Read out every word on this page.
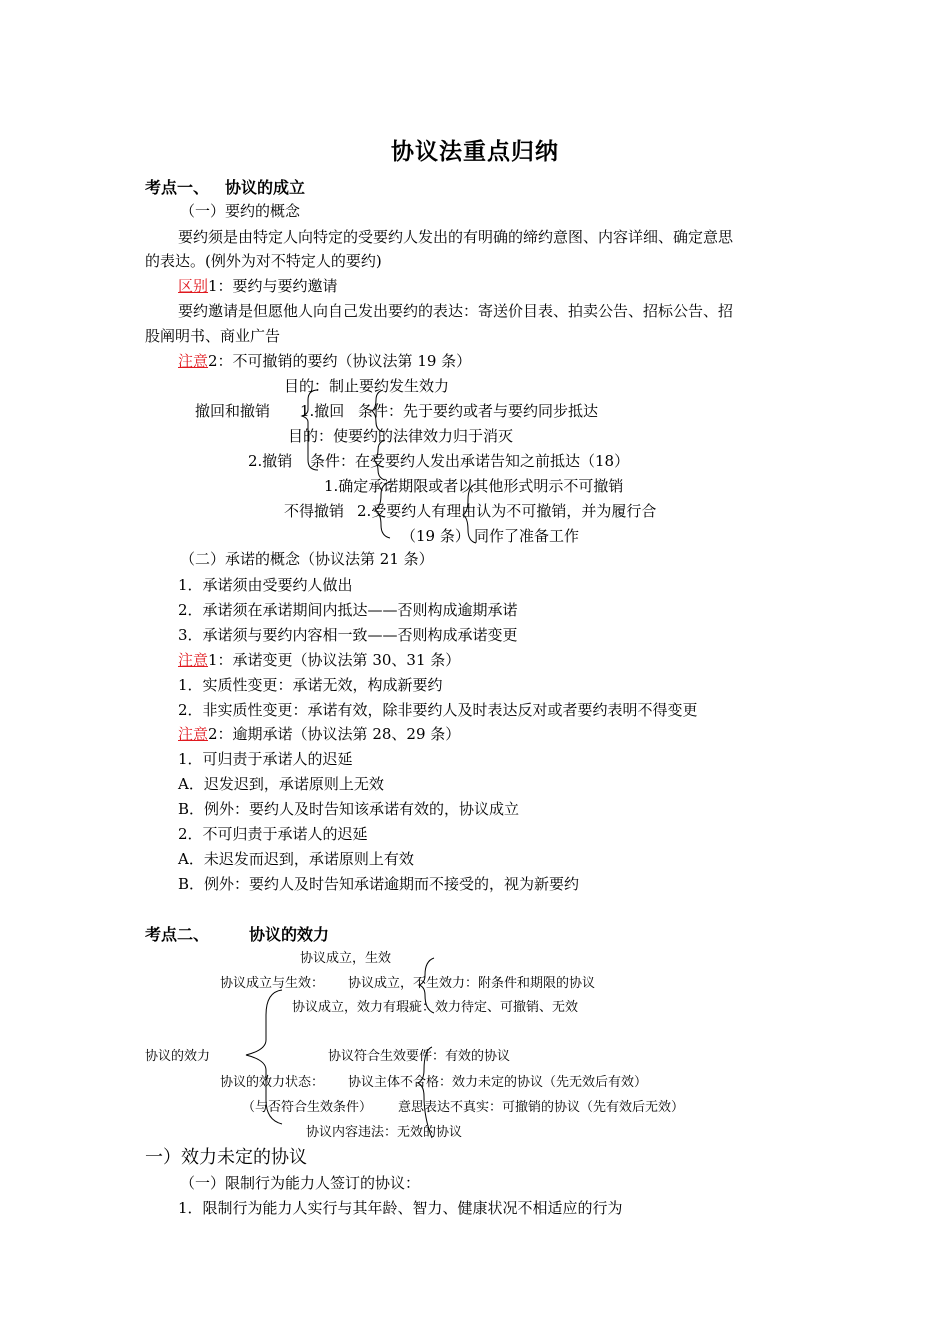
协议法重点归纳
考点一、 协议的成立
（一）要约的概念
要约须是由特定人向特定的受要约人发出的有明确的缔约意图、内容详细、确定意思
的表达。(例外为对不特定人的要约)
区别1：要约与要约邀请
要约邀请是但愿他人向自己发出要约的表达：寄送价目表、拍卖公告、招标公告、招
股阐明书、商业广告
注意2：不可撤销的要约（协议法第 19 条）
目的：制止要约发生效力
撤回和撤销 1.撤回 条件：先于要约或者与要约同步抵达
目的：使要约的法律效力归于消灭
2.撤销 条件：在受要约人发出承诺告知之前抵达（18）
1.确定承诺期限或者以其他形式明示不可撤销
不得撤销 2.受要约人有理由认为不可撤销，并为履行合
（19 条） 同作了准备工作
（二）承诺的概念（协议法第 21 条）
1．承诺须由受要约人做出
2．承诺须在承诺期间内抵达——否则构成逾期承诺
3．承诺须与要约内容相一致——否则构成承诺变更
注意1：承诺变更（协议法第 30、31 条）
1．实质性变更：承诺无效，构成新要约
2．非实质性变更：承诺有效，除非要约人及时表达反对或者要约表明不得变更
注意2：逾期承诺（协议法第 28、29 条）
1．可归责于承诺人的迟延
A．迟发迟到，承诺原则上无效
B．例外：要约人及时告知该承诺有效的，协议成立
2．不可归责于承诺人的迟延
A．未迟发而迟到，承诺原则上有效
B．例外：要约人及时告知承诺逾期而不接受的，视为新要约
考点二、	协议的效力
协议成立，生效
协议成立与生效： 协议成立，不生效力：附条件和期限的协议
协议成立，效力有瑕疵：效力待定、可撤销、无效
协议的效力	协议符合生效要件：有效的协议
协议的效力状态： 协议主体不合格：效力未定的协议（先无效后有效）
（与否符合生效条件） 意思表达不真实：可撤销的协议（先有效后无效）
协议内容违法：无效的协议
一）效力未定的协议
（一）限制行为能力人签订的协议：
1．限制行为能力人实行与其年龄、智力、健康状况不相适应的行为
